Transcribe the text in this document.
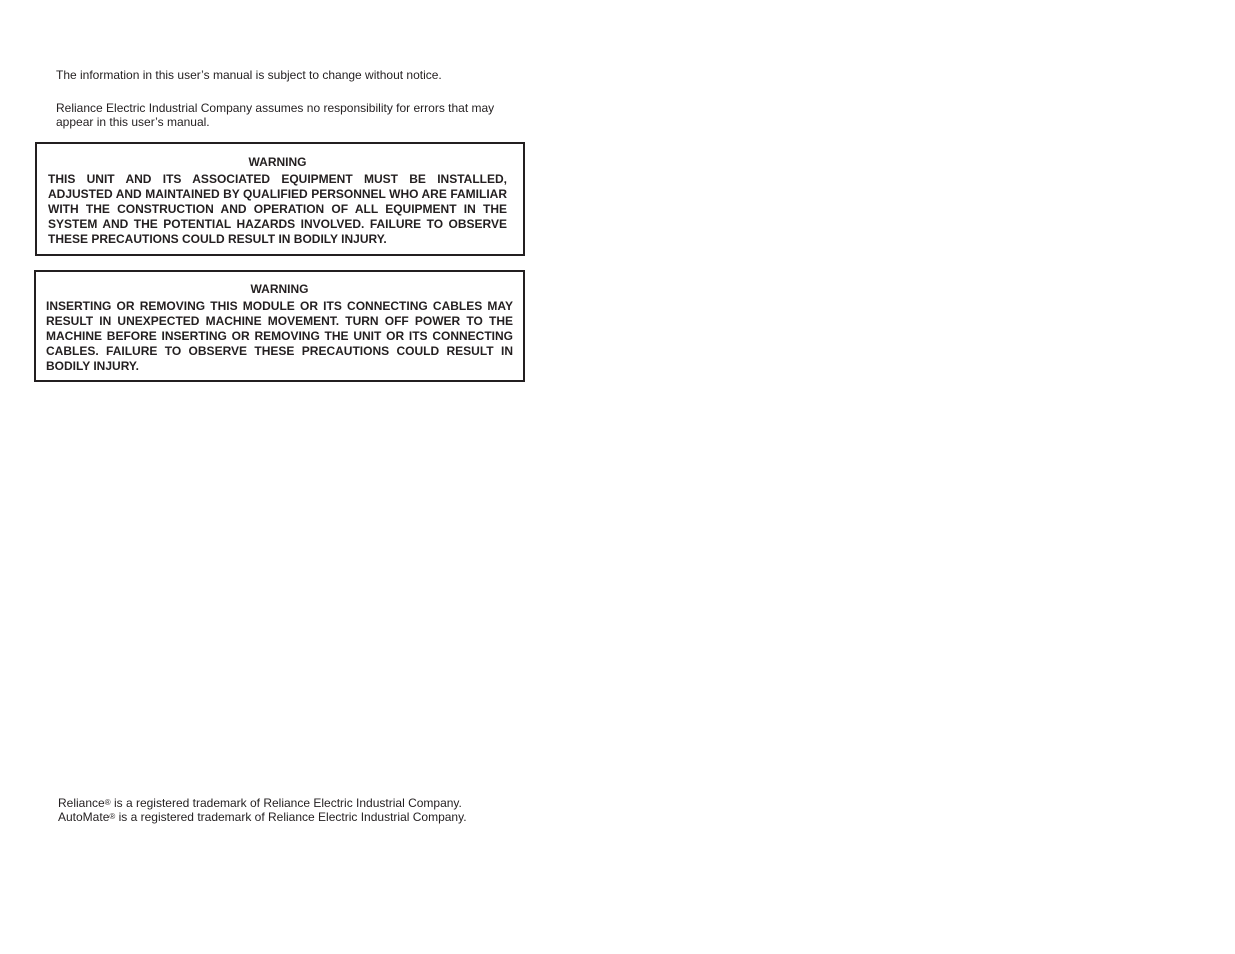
The information in this user’s manual is subject to change without notice.

Reliance Electric Industrial Company assumes no responsibility for errors that may appear in this user’s manual.

WARNING

THIS UNIT AND ITS ASSOCIATED EQUIPMENT MUST BE INSTALLED, ADJUSTED AND MAINTAINED BY QUALIFIED PERSONNEL WHO ARE FAMILIAR WITH THE CONSTRUCTION AND OPERATION OF ALL EQUIPMENT IN THE SYSTEM AND THE POTENTIAL HAZARDS INVOLVED. FAILURE TO OBSERVE THESE PRECAUTIONS COULD RESULT IN BODILY INJURY.

WARNING

INSERTING OR REMOVING THIS MODULE OR ITS CONNECTING CABLES MAY RESULT IN UNEXPECTED MACHINE MOVEMENT. TURN OFF POWER TO THE MACHINE BEFORE INSERTING OR REMOVING THE UNIT OR ITS CONNECTING CABLES. FAILURE TO OBSERVE THESE PRECAUTIONS COULD RESULT IN BODILY INJURY.

Reliance® is a registered trademark of Reliance Electric Industrial Company.
AutoMate® is a registered trademark of Reliance Electric Industrial Company.
